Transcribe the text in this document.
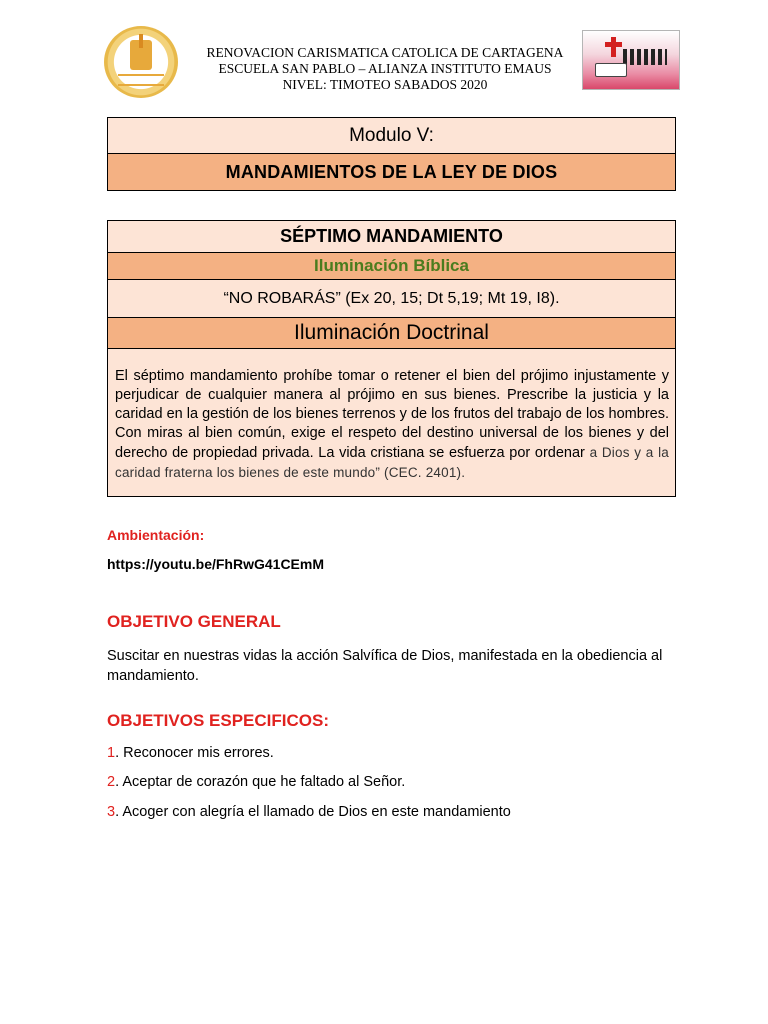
RENOVACION CARISMATICA CATOLICA DE CARTAGENA
ESCUELA SAN PABLO – ALIANZA INSTITUTO EMAUS
NIVEL: TIMOTEO SABADOS 2020
Modulo V:
MANDAMIENTOS DE LA LEY DE DIOS
SÉPTIMO MANDAMIENTO
Iluminación Bíblica
“NO ROBARÁS” (Ex 20, 15; Dt 5,19; Mt 19, I8).
Iluminación Doctrinal
El séptimo mandamiento prohíbe tomar o retener el bien del prójimo injustamente y perjudicar de cualquier manera al prójimo en sus bienes. Prescribe la justicia y la caridad en la gestión de los bienes terrenos y de los frutos del trabajo de los hombres. Con miras al bien común, exige el respeto del destino universal de los bienes y del derecho de propiedad privada. La vida cristiana se esfuerza por ordenar a Dios y a la caridad fraterna los bienes de este mundo” (CEC. 2401).
Ambientación:
https://youtu.be/FhRwG41CEmM
OBJETIVO GENERAL
Suscitar en nuestras vidas la acción Salvífica de Dios, manifestada en la obediencia al mandamiento.
OBJETIVOS ESPECIFICOS:
1. Reconocer mis errores.
2. Aceptar de corazón que he faltado al Señor.
3. Acoger con alegría el llamado de Dios en este mandamiento
